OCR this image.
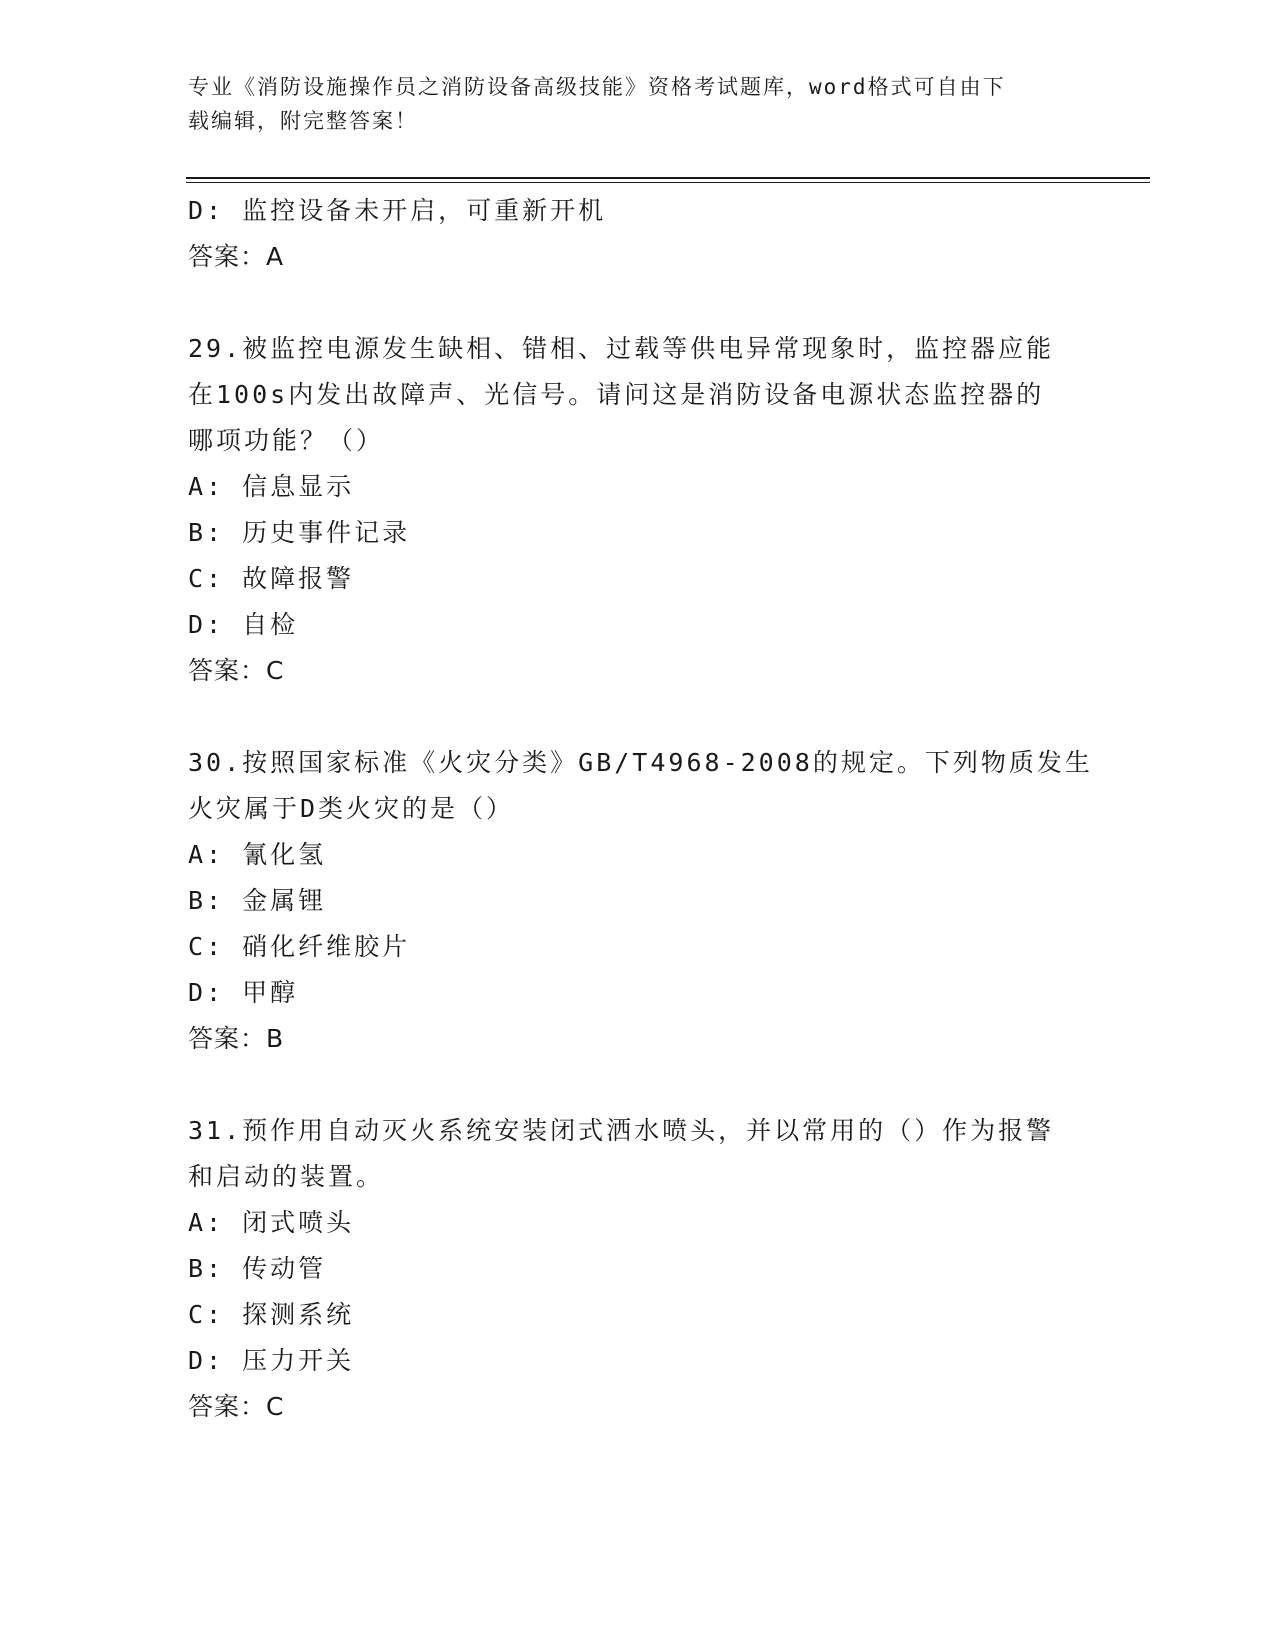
专业《消防设施操作员之消防设备高级技能》资格考试题库，word格式可自由下
载编辑，附完整答案！
D: 监控设备未开启，可重新开机
答案：A
29.被监控电源发生缺相、错相、过载等供电异常现象时，监控器应能
在100s内发出故障声、光信号。请问这是消防设备电源状态监控器的
哪项功能？（）
A: 信息显示
B: 历史事件记录
C: 故障报警
D: 自检
答案：C
30.按照国家标准《火灾分类》GB/T4968-2008的规定。下列物质发生
火灾属于D类火灾的是（）
A: 氰化氢
B: 金属锂
C: 硝化纤维胶片
D: 甲醇
答案：B
31.预作用自动灭火系统安装闭式洒水喷头，并以常用的（）作为报警
和启动的装置。
A: 闭式喷头
B: 传动管
C: 探测系统
D: 压力开关
答案：C
